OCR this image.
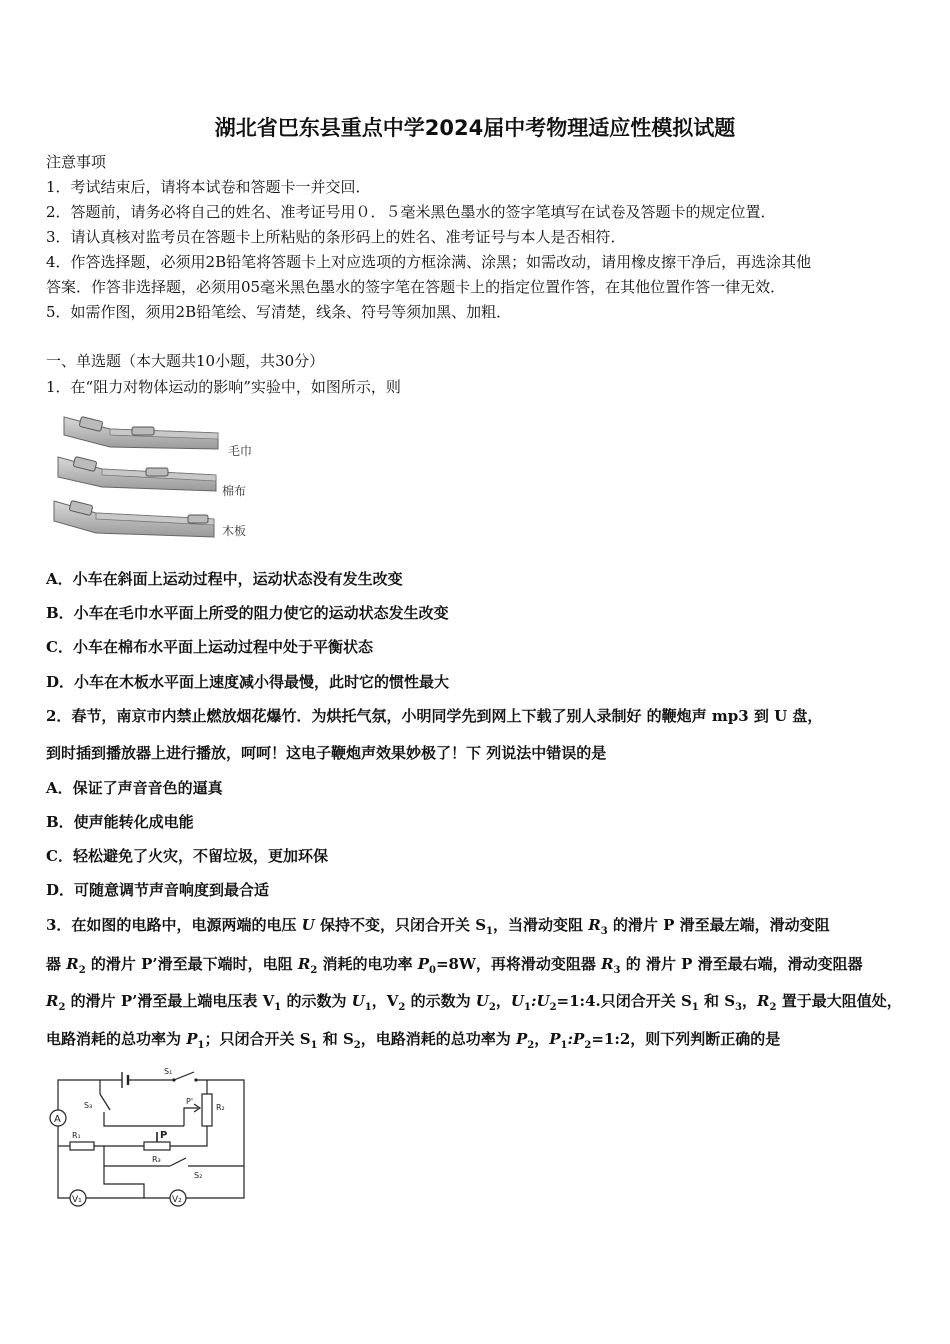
湖北省巴东县重点中学2024届中考物理适应性模拟试题
注意事项
1．考试结束后，请将本试卷和答题卡一并交回．
2．答题前，请务必将自己的姓名、准考证号用０．５毫米黑色墨水的签字笔填写在试卷及答题卡的规定位置．
3．请认真核对监考员在答题卡上所粘贴的条形码上的姓名、准考证号与本人是否相符．
4．作答选择题，必须用2B铅笔将答题卡上对应选项的方框涂满、涂黑；如需改动，请用橡皮擦干净后，再选涂其他
答案．作答非选择题，必须用05毫米黑色墨水的签字笔在答题卡上的指定位置作答，在其他位置作答一律无效．
5．如需作图，须用2B铅笔绘、写清楚，线条、符号等须加黑、加粗．
一、单选题（本大题共10小题，共30分）
1．在“阻力对物体运动的影响”实验中，如图所示，则
毛巾
棉布
木板
A．小车在斜面上运动过程中，运动状态没有发生改变
B．小车在毛巾水平面上所受的阻力使它的运动状态发生改变
C．小车在棉布水平面上运动过程中处于平衡状态
D．小车在木板水平面上速度减小得最慢，此时它的惯性最大
2．春节，南京市内禁止燃放烟花爆竹．为烘托气氛，小明同学先到网上下载了别人录制好 的鞭炮声 mp3 到 U 盘，
到时插到播放器上进行播放，呵呵！这电子鞭炮声效果妙极了！下 列说法中错误的是
A．保证了声音音色的逼真
B．使声能转化成电能
C．轻松避免了火灾，不留垃圾，更加环保
D．可随意调节声音响度到最合适
3．在如图的电路中，电源两端的电压 U 保持不变，只闭合开关 $S_1$，当滑动变阻 $R_3$ 的滑片 P 滑至最左端，滑动变阻
器 $R_2$ 的滑片 P’滑至最下端时，电阻 $R_2$ 消耗的电功率 $P_0=8W$，再将滑动变阻器 $R_3$ 的 滑片 P 滑至最右端，滑动变阻器
$R_2$ 的滑片 P’滑至最上端电压表 $V_1$ 的示数为 $U_1$，$V_2$ 的示数为 $U_2$，$U_1:U_2=1:4$.只闭合开关 $S_1$ 和 $S_3$，$R_2$ 置于最大阻值处，
电路消耗的总功率为 $P_1$；只闭合开关 $S_1$ 和 $S_2$，电路消耗的总功率为 $P_2$，$P_1:P_2=1:2$，则下列判断正确的是
A
S₃	R₂
P'
S₁
R₁	P
R₃
S₂
V₁	V₂
